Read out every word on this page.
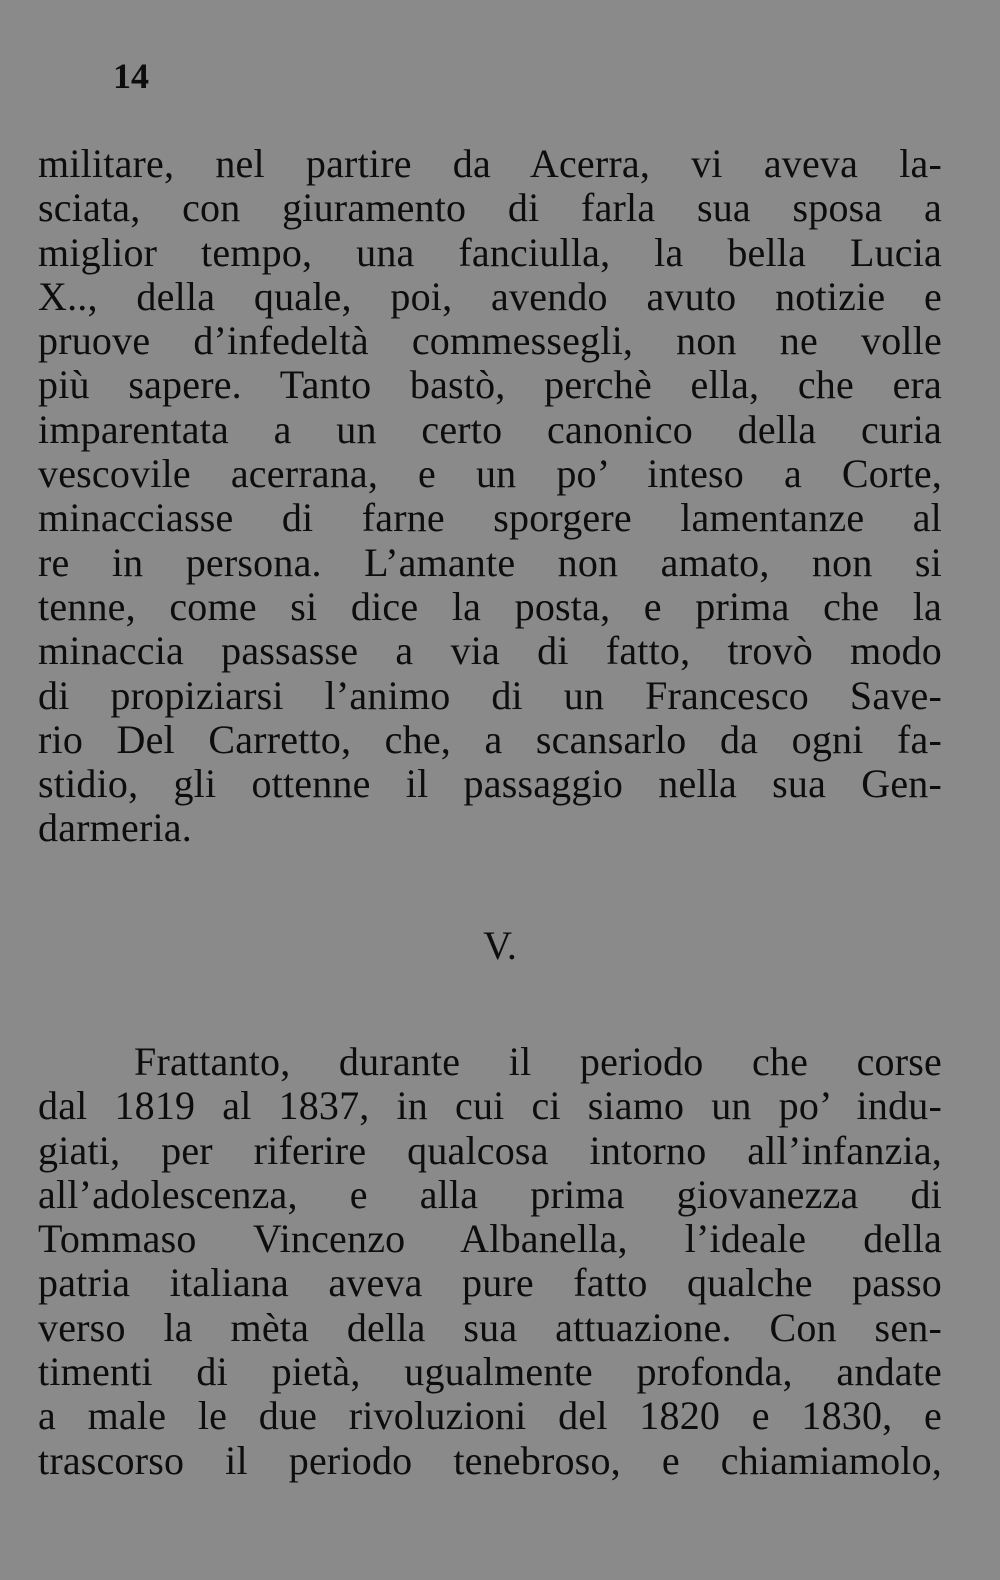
14
militare, nel partire da Acerra, vi aveva la-
sciata, con giuramento di farla sua sposa a
miglior tempo, una fanciulla, la bella Lucia
X.., della quale, poi, avendo avuto notizie e
pruove d’infedeltà commessegli, non ne volle
più sapere. Tanto bastò, perchè ella, che era
imparentata a un certo canonico della curia
vescovile acerrana, e un po’ inteso a Corte,
minacciasse di farne sporgere lamentanze al
re in persona. L’amante non amato, non si
tenne, come si dice la posta, e prima che la
minaccia passasse a via di fatto, trovò modo
di propiziarsi l’animo di un Francesco Save-
rio Del Carretto, che, a scansarlo da ogni fa-
stidio, gli ottenne il passaggio nella sua Gen-
darmeria.
V.
Frattanto, durante il periodo che corse
dal 1819 al 1837, in cui ci siamo un po’ indu-
giati, per riferire qualcosa intorno all’infanzia,
all’adolescenza, e alla prima giovanezza di
Tommaso Vincenzo Albanella, l’ideale della
patria italiana aveva pure fatto qualche passo
verso la mèta della sua attuazione. Con sen-
timenti di pietà, ugualmente profonda, andate
a male le due rivoluzioni del 1820 e 1830, e
trascorso il periodo tenebroso, e chiamiamolo,
